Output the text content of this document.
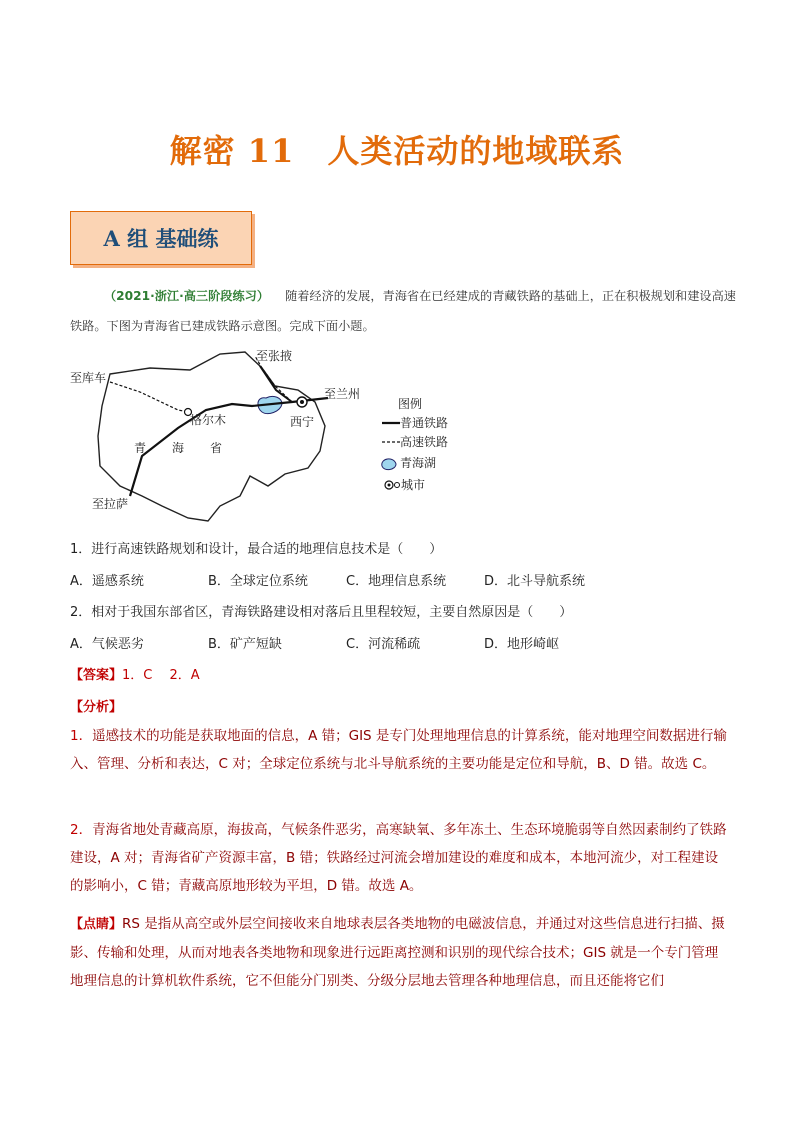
解密 11　人类活动的地域联系
A 组 基础练
（2021·浙江·高三阶段练习） 随着经济的发展，青海省在已经建成的青藏铁路的基础上，正在积极规划和建设高速铁路。下图为青海省已建成铁路示意图。完成下面小题。
至张掖
至库车
至兰州
格尔木	西宁
青 海 省
至拉萨
图例
普通铁路
高速铁路
青海湖
城市
1．进行高速铁路规划和设计，最合适的地理信息技术是（　　）
A．遥感系统	B．全球定位系统	C．地理信息系统	D．北斗导航系统
2．相对于我国东部省区，青海铁路建设相对落后且里程较短，主要自然原因是（　　）
A．气候恶劣	B．矿产短缺	C．河流稀疏	D．地形崎岖
【答案】1．C　 2．A
【分析】
1．遥感技术的功能是获取地面的信息，A 错；GIS 是专门处理地理信息的计算系统，能对地理空间数据进行输入、管理、分析和表达，C 对；全球定位系统与北斗导航系统的主要功能是定位和导航，B、D 错。故选 C。
2．青海省地处青藏高原，海拔高，气候条件恶劣，高寒缺氧、多年冻土、生态环境脆弱等自然因素制约了铁路建设，A 对；青海省矿产资源丰富，B 错；铁路经过河流会增加建设的难度和成本，本地河流少，对工程建设的影响小，C 错；青藏高原地形较为平坦，D 错。故选 A。
【点睛】RS 是指从高空或外层空间接收来自地球表层各类地物的电磁波信息，并通过对这些信息进行扫描、摄影、传输和处理，从而对地表各类地物和现象进行远距离控测和识别的现代综合技术；GIS 就是一个专门管理地理信息的计算机软件系统，它不但能分门别类、分级分层地去管理各种地理信息，而且还能将它们
